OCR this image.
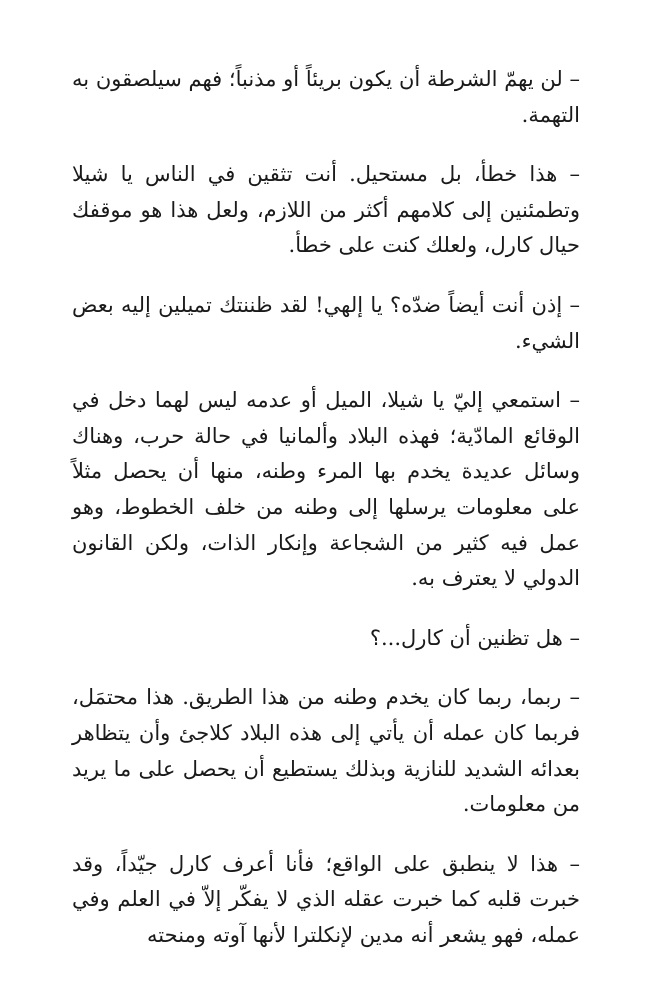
– لن يهمّ الشرطة أن يكون بريئاً أو مذنباً؛ فهم سيلصقون به التهمة.

– هذا خطأ، بل مستحيل. أنت تثقين في الناس يا شيلا وتطمئنين إلى كلامهم أكثر من اللازم، ولعل هذا هو موقفك حيال كارل، ولعلك كنت على خطأ.

– إذن أنت أيضاً ضدّه؟ يا إلهي! لقد ظننتك تميلين إليه بعض الشيء.

– استمعي إليّ يا شيلا، الميل أو عدمه ليس لهما دخل في الوقائع المادّية؛ فهذه البلاد وألمانيا في حالة حرب، وهناك وسائل عديدة يخدم بها المرء وطنه، منها أن يحصل مثلاً على معلومات يرسلها إلى وطنه من خلف الخطوط، وهو عمل فيه كثير من الشجاعة وإنكار الذات، ولكن القانون الدولي لا يعترف به.

– هل تظنين أن كارل...؟

– ربما، ربما كان يخدم وطنه من هذا الطريق. هذا محتمَل، فربما كان عمله أن يأتي إلى هذه البلاد كلاجئ وأن يتظاهر بعدائه الشديد للنازية وبذلك يستطيع أن يحصل على ما يريد من معلومات.

– هذا لا ينطبق على الواقع؛ فأنا أعرف كارل جيّداً، وقد خبرت قلبه كما خبرت عقله الذي لا يفكّر إلاّ في العلم وفي عمله، فهو يشعر أنه مدين لإنكلترا لأنها آوته ومنحته
